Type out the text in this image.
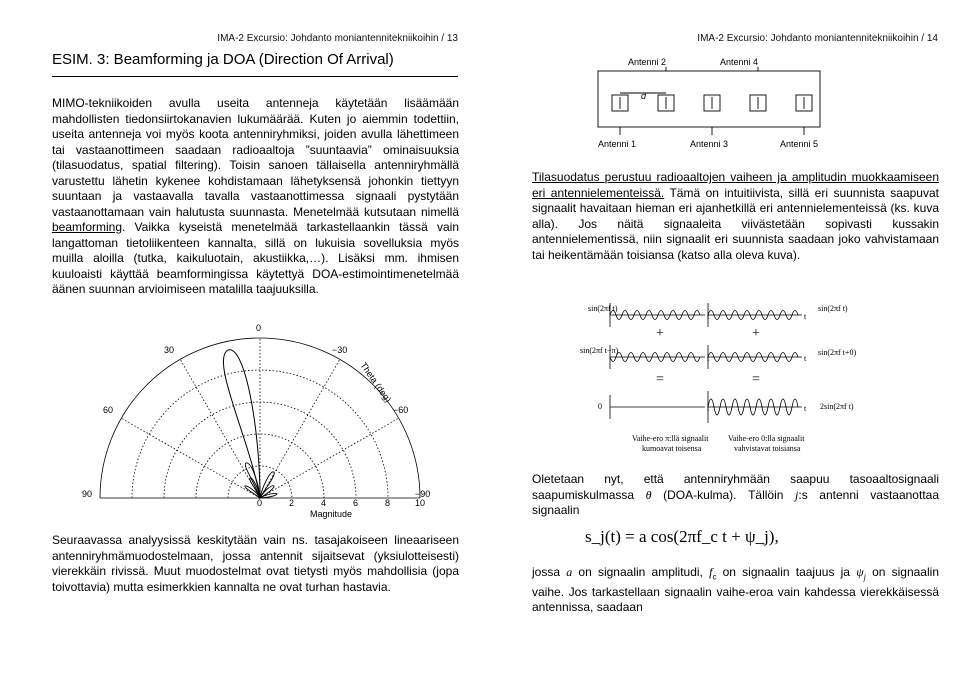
IMA-2 Excursio: Johdanto moniantennitekniikoihin / 13
ESIM. 3: Beamforming ja DOA (Direction Of Arrival)
MIMO-tekniikoiden avulla useita antenneja käytetään lisäämään mahdollisten tiedonsiirtokanavien lukumäärää. Kuten jo aiemmin todettiin, useita antenneja voi myös koota antenniryhmiksi, joiden avulla lähettimeen tai vastaanottimeen saadaan radioaaltoja ”suuntaavia” ominaisuuksia (tilasuodatus, spatial filtering). Toisin sanoen tällaisella antenniryhmällä varustettu lähetin kykenee kohdistamaan lähetyksensä johonkin tiettyyn suuntaan ja vastaavalla tavalla vastaanottimessa signaali pystytään vastaanottamaan vain halutusta suunnasta. Menetelmää kutsutaan nimellä beamforming. Vaikka kyseistä menetelmää tarkastellaankin tässä vain langattoman tietoliikenteen kannalta, sillä on lukuisia sovelluksia myös muilla aloilla (tutka, kaikuluotain, akustiikka,…). Lisäksi mm. ihmisen kuuloaisti käyttää beamformingissa käytettyä DOA-estimointimenetelmää äänen suunnan arvioimiseen matalilla taajuuksilla.
0
30	−30
60	−60
90	−90
Theta (deg)
0	2	4	6	8	10
Magnitude
Seuraavassa analyysissä keskitytään vain ns. tasajakoiseen lineaariseen antenniryhmämuodostelmaan, jossa antennit sijaitsevat (yksiulotteisesti) vierekkäin rivissä. Muut muodostelmat ovat tietysti myös mahdollisia (jopa toivottavia) mutta esimerkkien kannalta ne ovat turhan hastavia.
IMA-2 Excursio: Johdanto moniantennitekniikoihin / 14
Antenni 2	Antenni 4
Antenni 1	Antenni 3	Antenni 5
d
Tilasuodatus perustuu radioaaltojen vaiheen ja amplitudin muokkaamiseen eri antennielementeissä. Tämä on intuitiivista, sillä eri suunnista saapuvat signaalit havaitaan hieman eri ajanhetkillä eri antennielementeissä (ks. kuva alla). Jos näitä signaaleita viivästetään sopivasti kussakin antennielementissä, niin signaalit eri suunnista saadaan joko vahvistamaan tai heikentämään toisiansa (katso alla oleva kuva).
sin(2πf t)
sin(2πf t−π)
0
sin(2πf t)
sin(2πf t+0)
2sin(2πf t)
t
t
t
t
t
t
+	+
=	=
Vaihe-ero π:llä signaalit
kumoavat toisensa
Vaihe-ero 0:lla signaalit
vahvistavat toisiansa
Oletetaan nyt, että antenniryhmään saapuu tasoaaltosignaali saapumiskulmassa θ (DOA-kulma). Tällöin j:s antenni vastaanottaa signaalin
s_j(t) = a cos(2πf_c t + ψ_j),
jossa a on signaalin amplitudi, $f_c$ on signaalin taajuus ja $\psi_j$ on signaalin vaihe. Jos tarkastellaan signaalin vaihe-eroa vain kahdessa vierekkäisessä antennissa, saadaan
